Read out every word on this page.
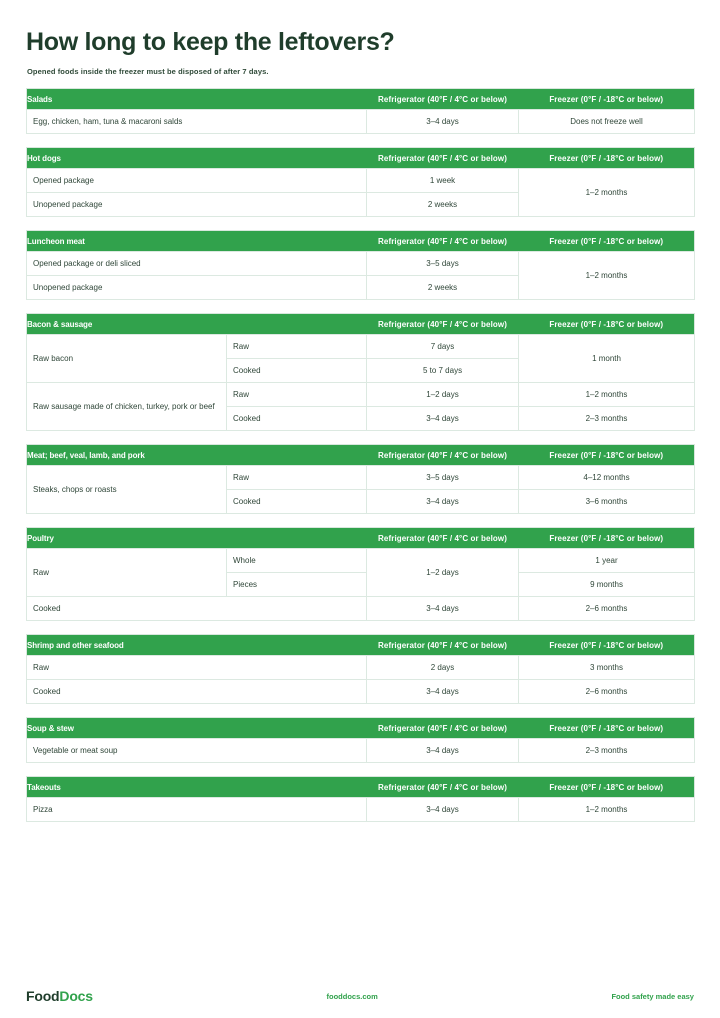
How long to keep the leftovers?
Opened foods inside the freezer must be disposed of after 7 days.
Salads	Refrigerator (40°F / 4°C or below)	Freezer (0°F / -18°C or below)
Egg, chicken, ham, tuna & macaroni salds	3–4 days	Does not freeze well
Hot dogs	Refrigerator (40°F / 4°C or below)	Freezer (0°F / -18°C or below)
Opened package	1 week	1–2 months
Unopened package	2 weeks	
Luncheon meat	Refrigerator (40°F / 4°C or below)	Freezer (0°F / -18°C or below)
Opened package or deli sliced	3–5 days	1–2 months
Unopened package	2 weeks	
Bacon & sausage		Refrigerator (40°F / 4°C or below)	Freezer (0°F / -18°C or below)
Raw bacon	Raw	7 days	1 month
	Cooked	5 to 7 days	
Raw sausage made of chicken, turkey, pork or beef	Raw	1–2 days	1–2 months
	Cooked	3–4 days	2–3 months
Meat; beef, veal, lamb, and pork		Refrigerator (40°F / 4°C or below)	Freezer (0°F / -18°C or below)
Steaks, chops or roasts	Raw	3–5 days	4–12 months
	Cooked	3–4 days	3–6 months
Poultry		Refrigerator (40°F / 4°C or below)	Freezer (0°F / -18°C or below)
Raw	Whole	1–2 days	1 year
	Pieces		9 months
Cooked		3–4 days	2–6 months
Shrimp and other seafood	Refrigerator (40°F / 4°C or below)	Freezer (0°F / -18°C or below)
Raw	2 days	3 months
Cooked	3–4 days	2–6 months
Soup & stew	Refrigerator (40°F / 4°C or below)	Freezer (0°F / -18°C or below)
Vegetable or meat soup	3–4 days	2–3 months
Takeouts	Refrigerator (40°F / 4°C or below)	Freezer (0°F / -18°C or below)
Pizza	3–4 days	1–2 months
FoodDocs	fooddocs.com	Food safety made easy
